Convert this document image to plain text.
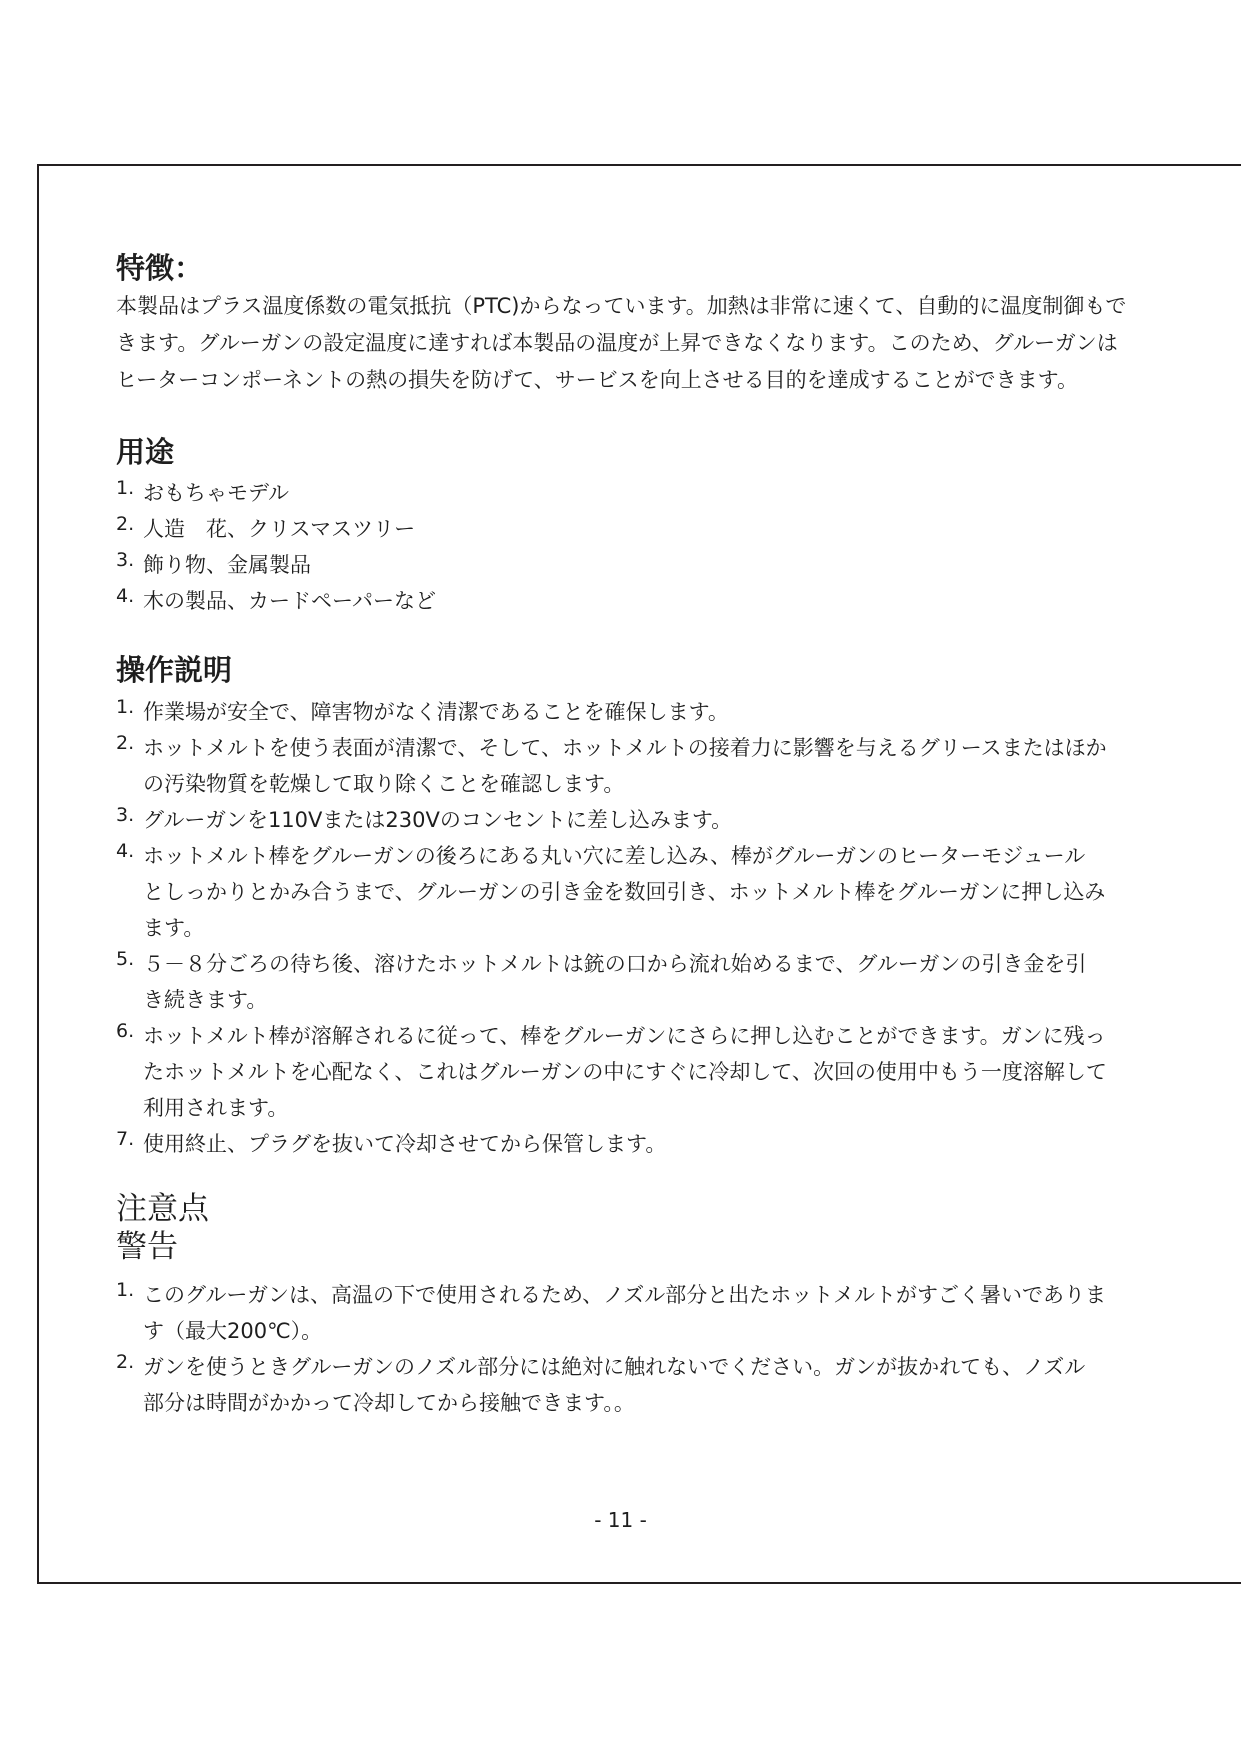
特徴：

本製品はプラス温度係数の電気抵抗（PTC)からなっています。加熱は非常に速くて、自動的に温度制御もで
きます。グルーガンの設定温度に達すれば本製品の温度が上昇できなくなります。このため、グルーガンは
ヒーターコンポーネントの熱の損失を防げて、サービスを向上させる目的を達成することができます。

用途
1. おもちゃモデル
2. 人造　花、クリスマスツリー
3. 飾り物、金属製品
4. 木の製品、カードペーパーなど
操作説明
1. 作業場が安全で、障害物がなく清潔であることを確保します。
2. ホットメルトを使う表面が清潔で、そして、ホットメルトの接着力に影響を与えるグリースまたはほか
の汚染物質を乾燥して取り除くことを確認します。
3. グルーガンを110Vまたは230Vのコンセントに差し込みます。
4. ホットメルト棒をグルーガンの後ろにある丸い穴に差し込み、棒がグルーガンのヒーターモジュール
としっかりとかみ合うまで、グルーガンの引き金を数回引き、ホットメルト棒をグルーガンに押し込み
ます。
5. ５－８分ごろの待ち後、溶けたホットメルトは銃の口から流れ始めるまで、グルーガンの引き金を引
き続きます。
6. ホットメルト棒が溶解されるに従って、棒をグルーガンにさらに押し込むことができます。ガンに残っ
たホットメルトを心配なく、これはグルーガンの中にすぐに冷却して、次回の使用中もう一度溶解して
利用されます。
7. 使用終止、プラグを抜いて冷却させてから保管します。
注意点
警告
1. このグルーガンは、高温の下で使用されるため、ノズル部分と出たホットメルトがすごく暑いでありま
す（最大200℃）。
2. ガンを使うときグルーガンのノズル部分には絶対に触れないでください。ガンが抜かれても、ノズル
部分は時間がかかって冷却してから接触できます。。
- 11 -
